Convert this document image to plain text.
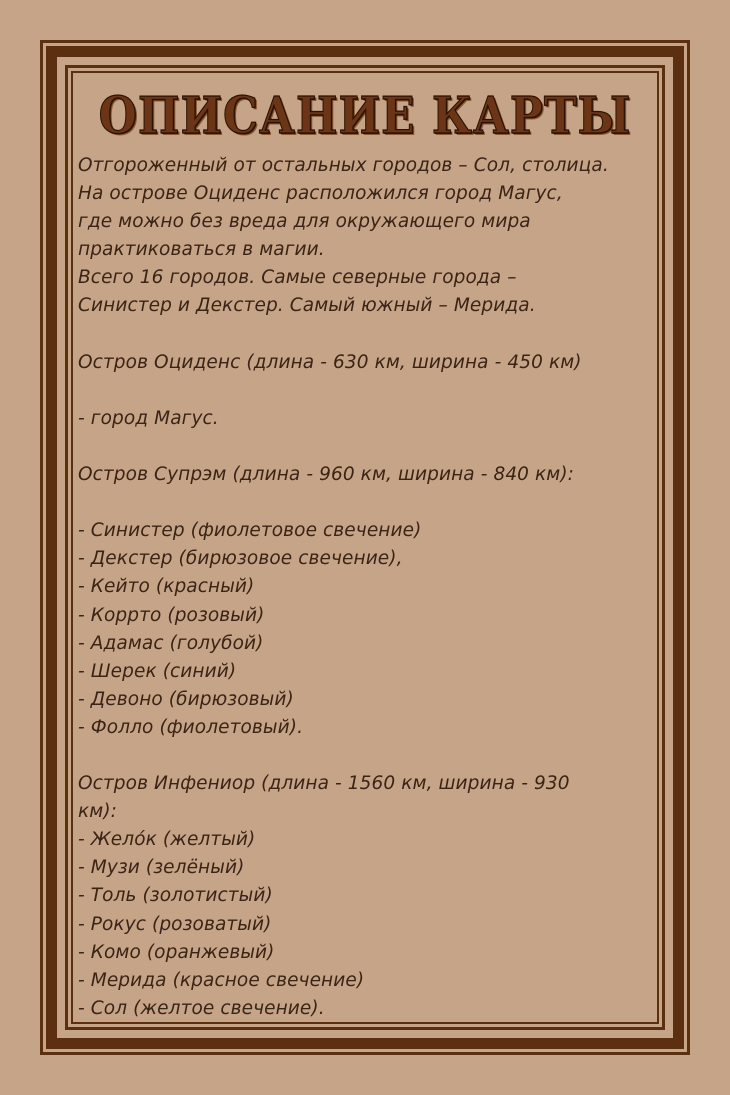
ОПИСАНИЕ КАРТЫ
Отгороженный от остальных городов – Сол, столица.
На острове Оциденс расположился город Магус,
где можно без вреда для окружающего мира
практиковаться в магии.
Всего 16 городов. Самые северные города –
Синистер и Декстер. Самый южный – Мерида.
Остров Оциденс (длина - 630 км, ширина - 450 км)
- город Магус.
Остров Супрэм (длина - 960 км, ширина - 840 км):
- Синистер (фиолетовое свечение)
- Декстер (бирюзовое свечение),
- Кейто (красный)
- Коррто (розовый)
- Адамас (голубой)
- Шерек (синий)
- Девоно (бирюзовый)
- Фолло (фиолетовый).
Остров Инфениор (длина - 1560 км, ширина - 930
км):
- Желóк (желтый)
- Музи (зелёный)
- Толь (золотистый)
- Рокус (розоватый)
- Комо (оранжевый)
- Мерида (красное свечение)
- Сол (желтое свечение).
